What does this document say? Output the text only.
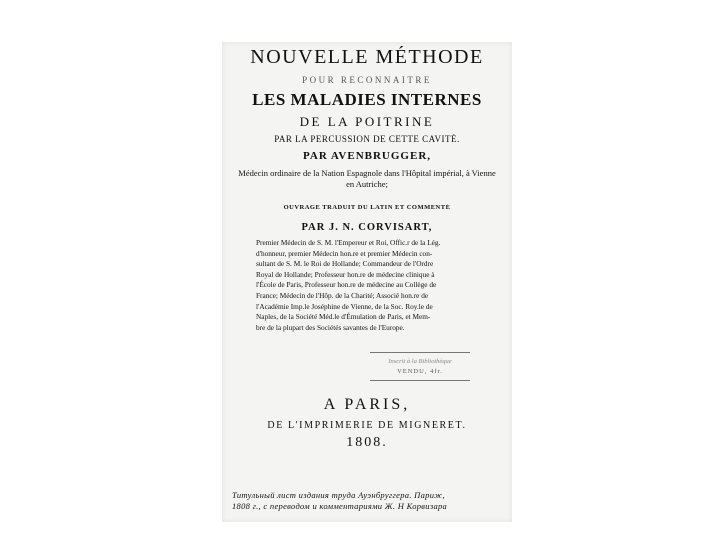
NOUVELLE MÉTHODE
POUR RECONNAITRE
LES MALADIES INTERNES
DE LA POITRINE
PAR LA PERCUSSION DE CETTE CAVITÉ.
PAR AVENBRUGGER,
Médecin ordinaire de la Nation Espagnole dans l'Hôpital impérial, à Vienne en Autriche;
OUVRAGE TRADUIT DU LATIN ET COMMENTÉ
PAR J. N. CORVISART,
Premier Médecin de S. M. l'Empereur et Roi, Offic.r de la Lég.
d'honneur, premier Médecin hon.re et premier Médecin con-
sultant de S. M. le Roi de Hollande; Commandeur de l'Ordre
Royal de Hollande; Professeur hon.re de médecine clinique à
l'École de Paris, Professeur hon.re de médecine au Collège de
France; Médecin de l'Hôp. de la Charité; Associé hon.re de
l'Académie Imp.le Joséphine de Vienne, de la Soc. Roy.le de
Naples, de la Société Méd.le d'Émulation de Paris, et Mem-
bre de la plupart des Sociétés savantes de l'Europe.
Inscrit à la Bibliothèque
VENDU, 4fr.
A PARIS,
DE L'IMPRIMERIE DE MIGNERET.
1808.
Титульный лист издания труда Ауэнбруггера. Париж,
1808 г., с переводом и комментариями Ж. Н Корвизара
